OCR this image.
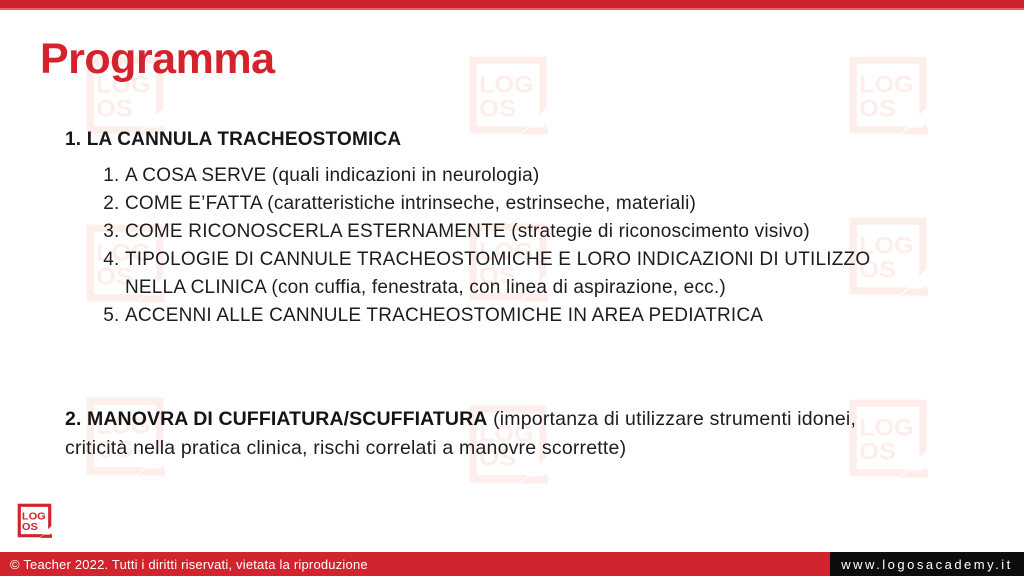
Programma
1. LA CANNULA TRACHEOSTOMICA
1. A COSA SERVE (quali indicazioni in neurologia)
2. COME E’FATTA (caratteristiche intrinseche, estrinseche, materiali)
3. COME RICONOSCERLA ESTERNAMENTE (strategie di riconoscimento visivo)
4. TIPOLOGIE DI CANNULE TRACHEOSTOMICHE E LORO INDICAZIONI DI UTILIZZO NELLA CLINICA (con cuffia, fenestrata, con linea di aspirazione, ecc.)
5. ACCENNI ALLE CANNULE TRACHEOSTOMICHE IN AREA PEDIATRICA

2. MANOVRA DI CUFFIATURA/SCUFFIATURA (importanza di utilizzare strumenti idonei, criticità nella pratica clinica, rischi correlati a manovre scorrette)

© Teacher 2022. Tutti i diritti riservati, vietata la riproduzione	www.logosacademy.it
